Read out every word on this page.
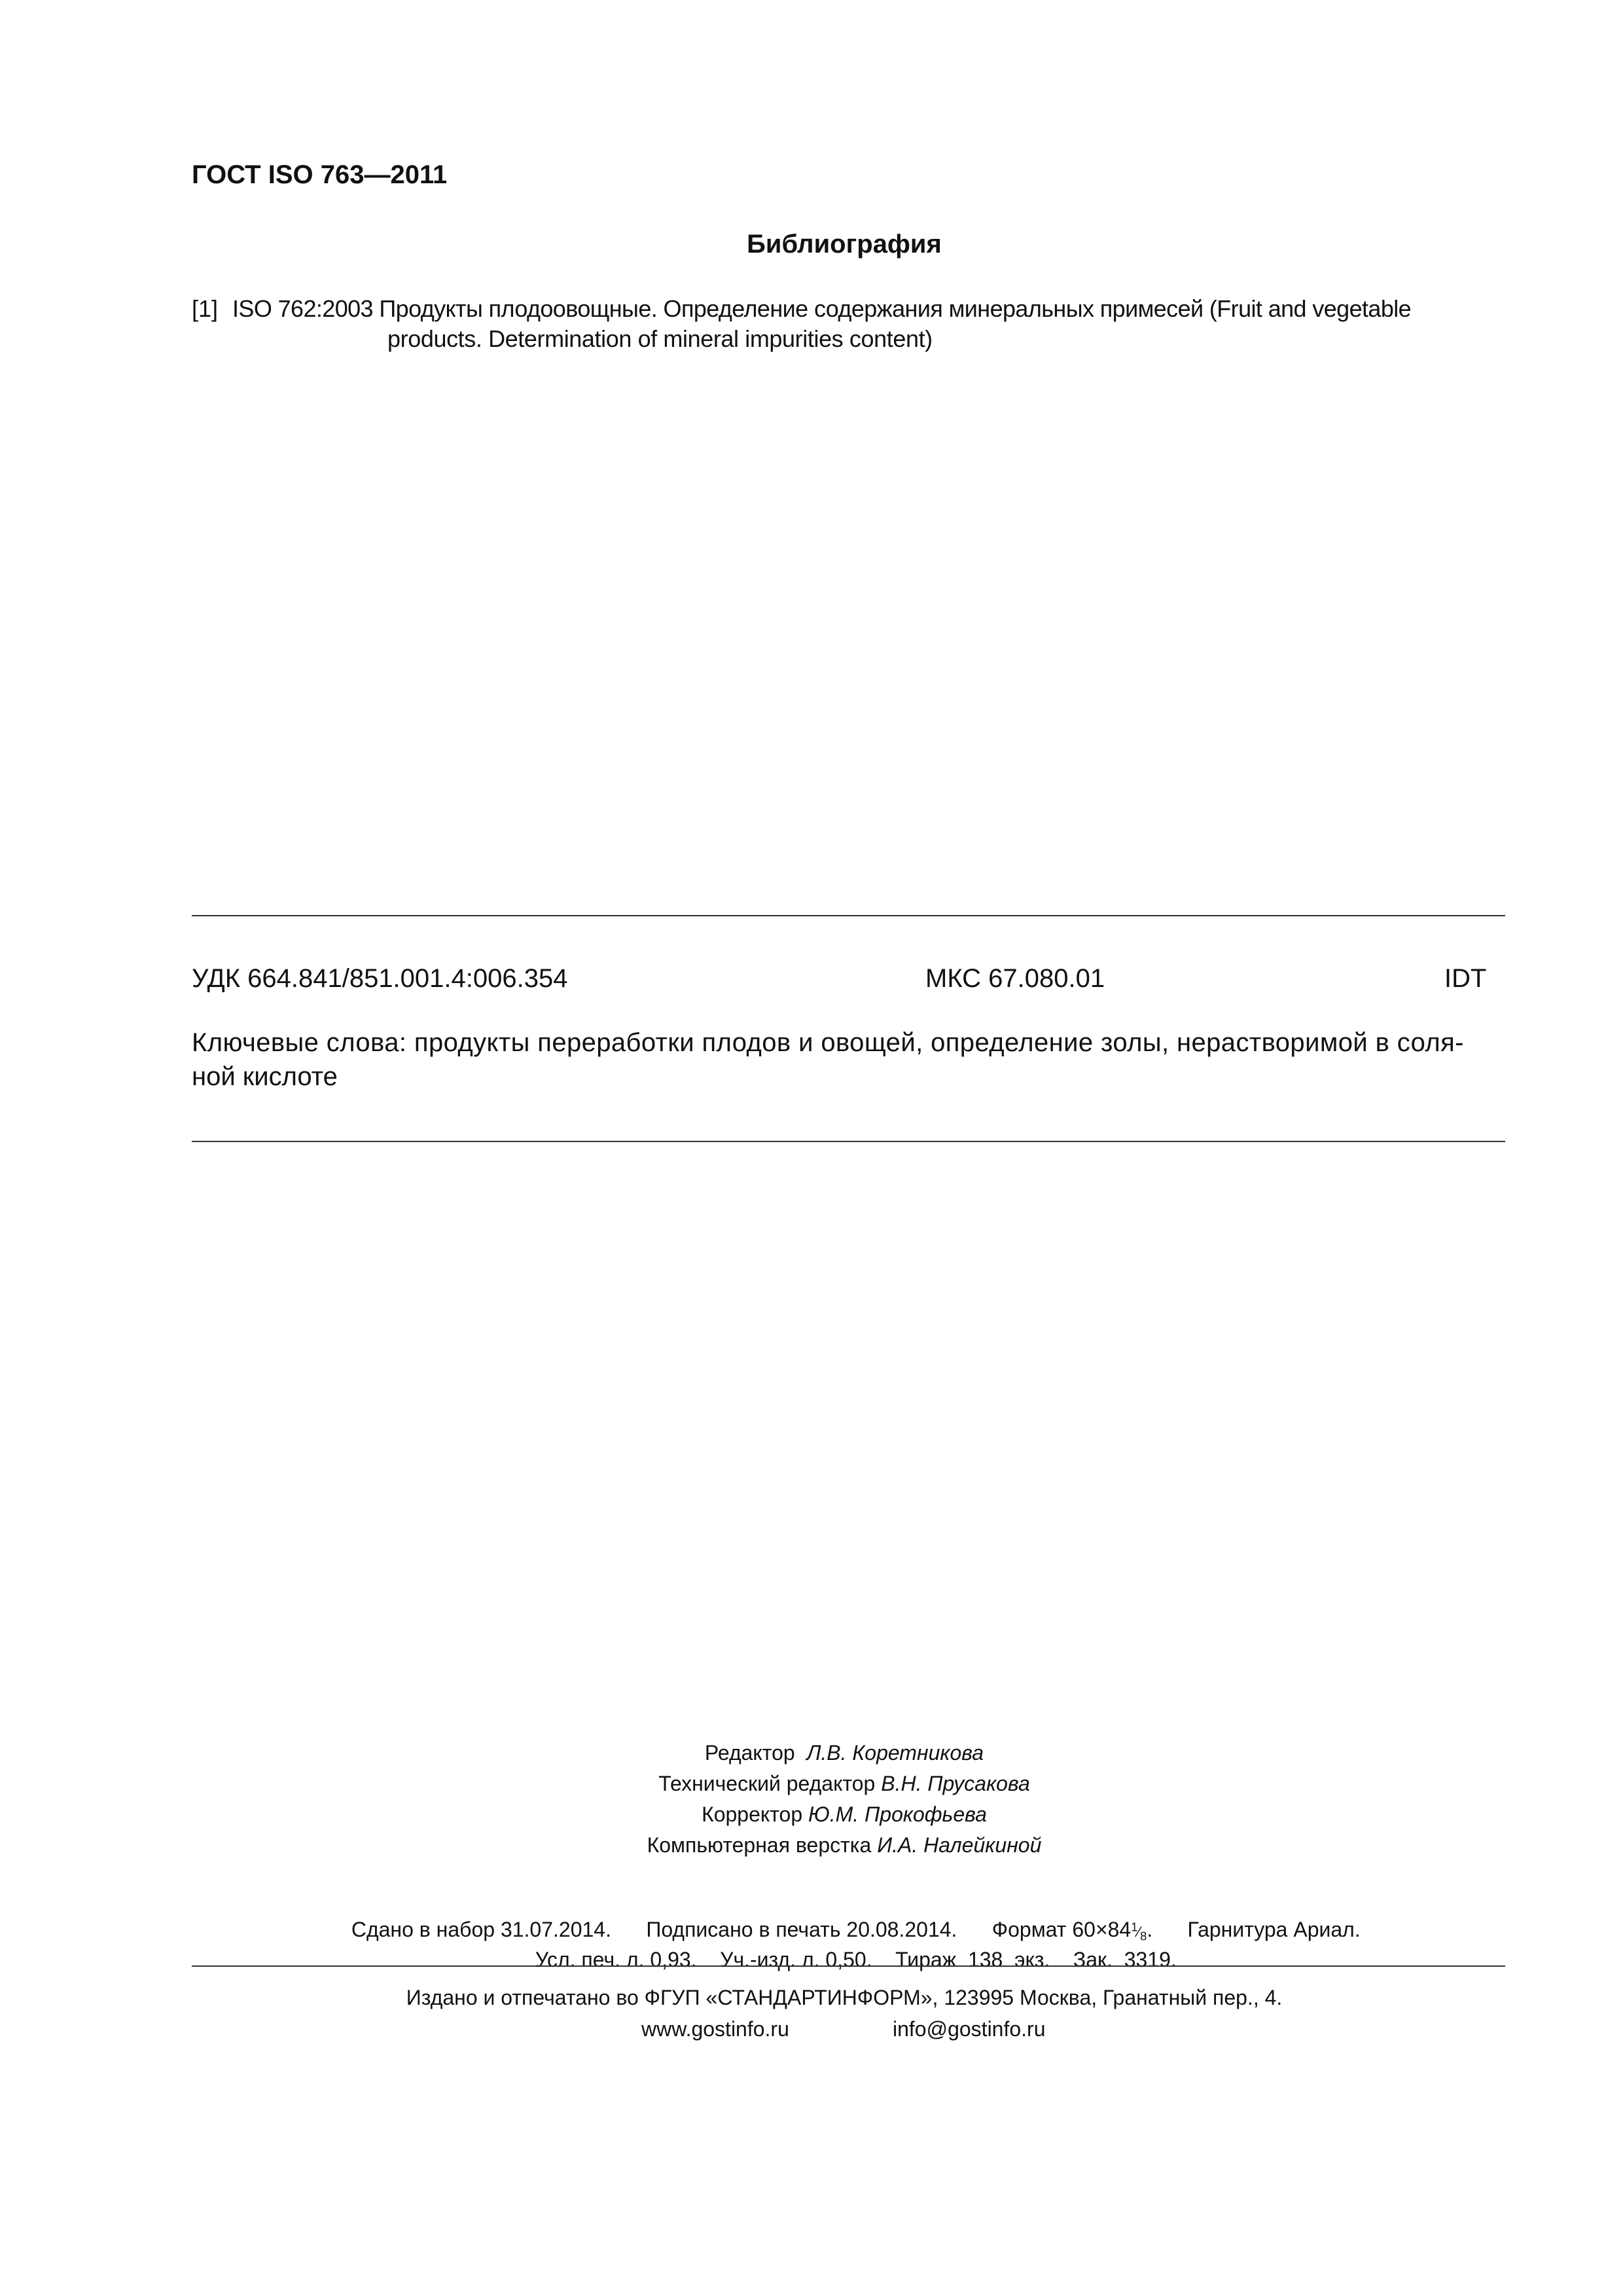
ГОСТ ISO 763—2011
Библиография
[1] ISO 762:2003 Продукты плодоовощные. Определение содержания минеральных примесей (Fruit and vegetable
products. Determination of mineral impurities content)
УДК 664.841/851.001.4:006.354	МКС 67.080.01	IDT
Ключевые слова: продукты переработки плодов и овощей, определение золы, нерастворимой в соля-
ной кислоте
Редактор Л.В. Коретникова
Технический редактор В.Н. Прусакова
Корректор Ю.М. Прокофьева
Компьютерная верстка И.А. Налейкиной

Сдано в набор 31.07.2014. Подписано в печать 20.08.2014. Формат $60\times 84^1⁄_8$.      Гарнитура Ариал.

Усл. печ. л. 0,93. Уч.-изд. л. 0,50. Тираж  138  экз. Зак.  3319.

Издано и отпечатано во ФГУП «СТАНДАРТИНФОРМ», 123995 Москва, Гранатный пер., 4.
www.gostinfo.ru	info@gostinfo.ru
